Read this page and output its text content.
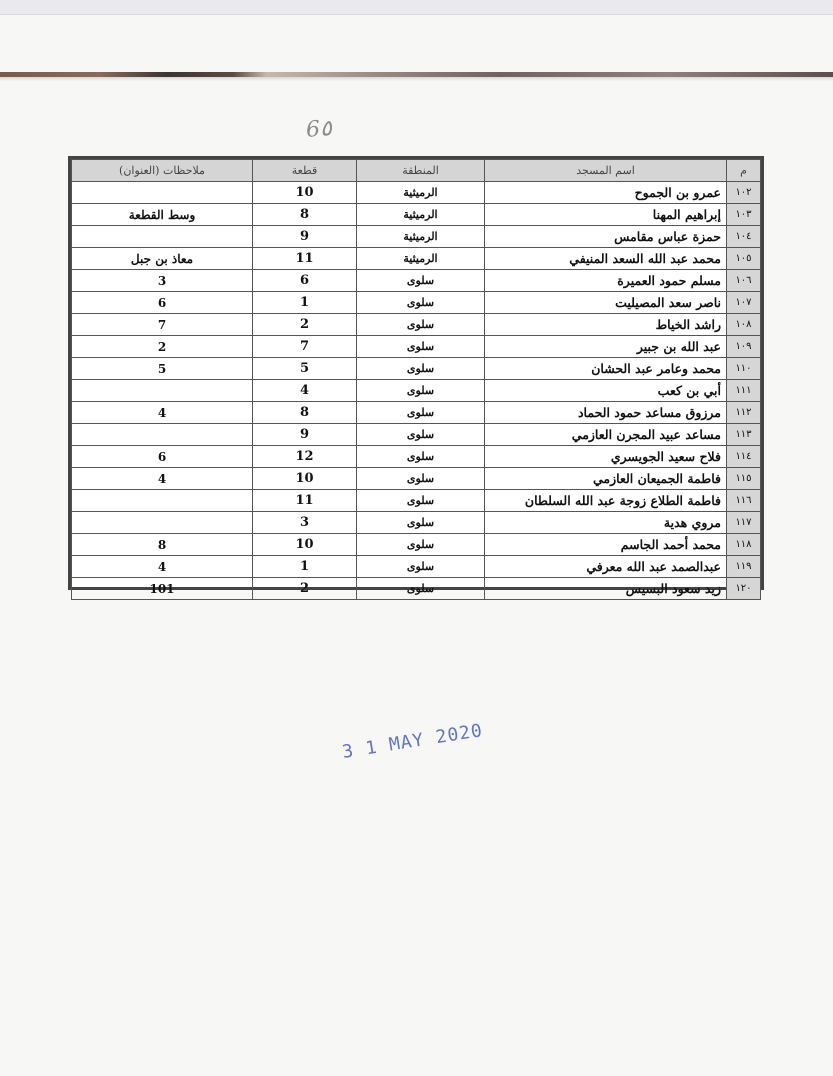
6٥
م	اسم المسجد	المنطقة	قطعة	ملاحظات (العنوان)
١٠٢	عمرو بن الجموح	الرميثية	10	
١٠٣	إبراهيم المهنا	الرميثية	8	وسط القطعة
١٠٤	حمزة عباس مقامس	الرميثية	9	
١٠٥	محمد عبد الله السعد المنيفي	الرميثية	11	معاذ بن جبل
١٠٦	مسلم حمود العميرة	سلوى	6	3
١٠٧	ناصر سعد المصيليت	سلوى	1	6
١٠٨	راشد الخياط	سلوى	2	7
١٠٩	عبد الله بن جبير	سلوى	7	2
١١٠	محمد وعامر عبد الحشان	سلوى	5	5
١١١	أبي بن كعب	سلوى	4	
١١٢	مرزوق مساعد حمود الحماد	سلوى	8	4
١١٣	مساعد عبيد المجرن العازمي	سلوى	9	
١١٤	فلاح سعيد الجويسري	سلوى	12	6
١١٥	فاطمة الجميعان العازمي	سلوى	10	4
١١٦	فاطمة الطلاع زوجة عبد الله السلطان	سلوى	11	
١١٧	مروي هدية	سلوى	3	
١١٨	محمد أحمد الجاسم	سلوى	10	8
١١٩	عبدالصمد عبد الله معرفي	سلوى	1	4
١٢٠	زيد سعود البسيس	سلوى	2	101
3 1 MAY 2020
